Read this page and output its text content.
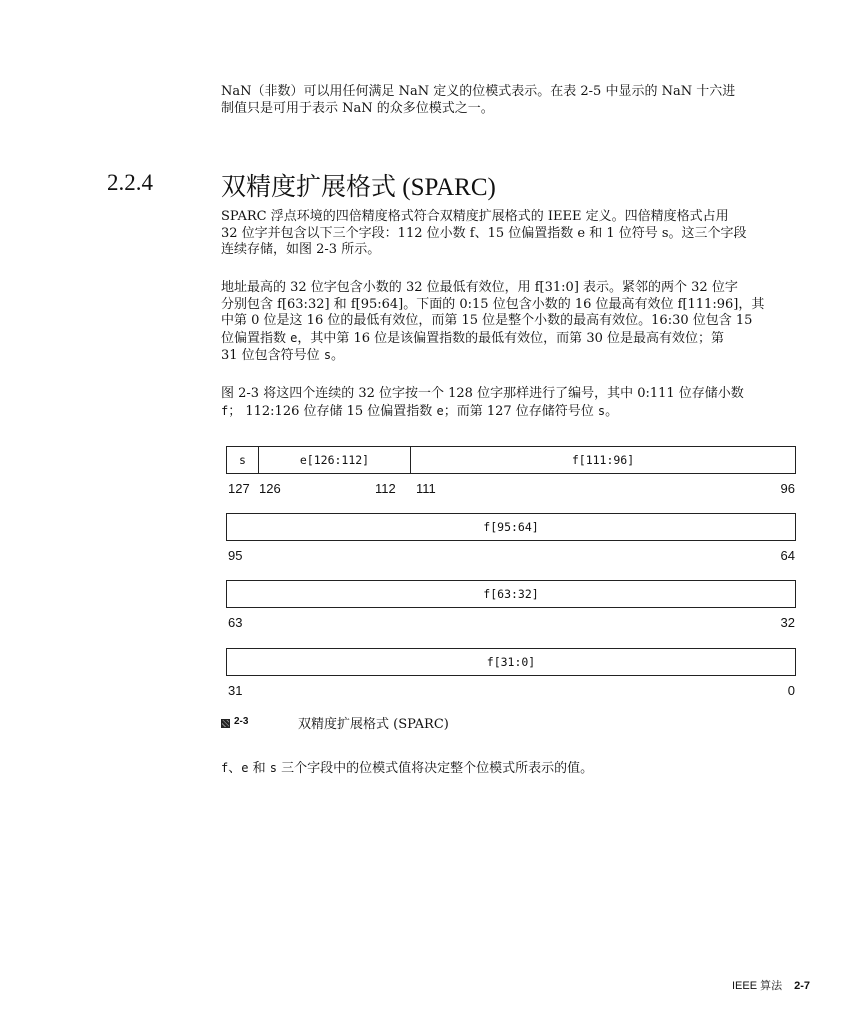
NaN（非数）可以用任何满足 NaN 定义的位模式表示。在表 2-5 中显示的 NaN 十六进
制值只是可用于表示 NaN 的众多位模式之一。
2.2.4	双精度扩展格式 (SPARC)
SPARC 浮点环境的四倍精度格式符合双精度扩展格式的 IEEE 定义。四倍精度格式占用
32 位字并包含以下三个字段：112 位小数 f、15 位偏置指数 e 和 1 位符号 s。这三个字段
连续存储，如图 2-3 所示。
地址最高的 32 位字包含小数的 32 位最低有效位，用 f[31:0] 表示。紧邻的两个 32 位字
分别包含 f[63:32] 和 f[95:64]。下面的 0:15 位包含小数的 16 位最高有效位 f[111:96]，其
中第 0 位是这 16 位的最低有效位，而第 15 位是整个小数的最高有效位。16:30 位包含 15
位偏置指数 e，其中第 16 位是该偏置指数的最低有效位，而第 30 位是最高有效位；第
31 位包含符号位 s。
图 2-3 将这四个连续的 32 位字按一个 128 位字那样进行了编号，其中 0:111 位存储小数
f； 112:126 位存储 15 位偏置指数 e；而第 127 位存储符号位 s。
s	e[126:112]	f[111:96]
127 126	112 111	96
f[95:64]
95	64
f[63:32]
63	32
f[31:0]
31	0
2-3	双精度扩展格式 (SPARC)
f、e 和 s 三个字段中的位模式值将决定整个位模式所表示的值。
IEEE 算法 2-7
